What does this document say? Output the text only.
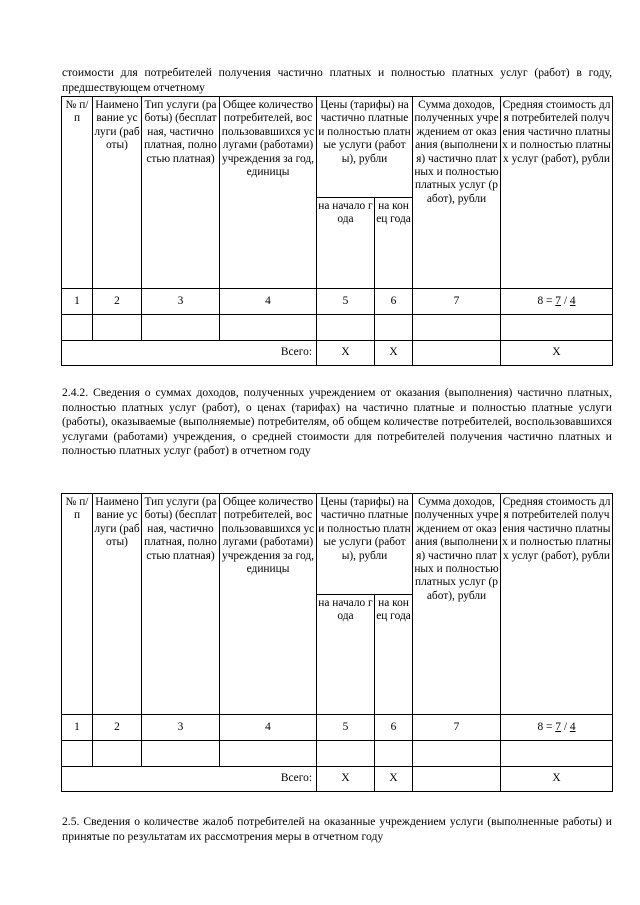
стоимости для потребителей получения частично платных и полностью платных услуг (работ) в году, предшествующем отчетному
№ п/п	Наименование услуги (работы)	Тип услуги (работы) (бесплатная, частично платная, полностью платная)	Общее количество потребителей, воспользовавшихся услугами (работами) учреждения за год, единицы	Цены (тарифы) на частично платные и полностью платные услуги (работы), рубли		Сумма доходов, полученных учреждением от оказания (выполнения) частично платных и полностью платных услуг (работ), рубли	Средняя стоимость для потребителей получения частично платных и полностью платных услуг (работ), рубли
				на начало года	на конец года		
1	2	3	4	5	6	7	8 = 7 / 4

Всего:				X	X		X
2.4.2. Сведения о суммах доходов, полученных учреждением от оказания (выполнения) частично платных, полностью платных услуг (работ), о ценах (тарифах) на частично платные и полностью платные услуги (работы), оказываемые (выполняемые) потребителям, об общем количестве потребителей, воспользовавшихся услугами (работами) учреждения, о средней стоимости для потребителей получения частично платных и полностью платных услуг (работ) в отчетном году
№ п/п	Наименование услуги (работы)	Тип услуги (работы) (бесплатная, частично платная, полностью платная)	Общее количество потребителей, воспользовавшихся услугами (работами) учреждения за год, единицы	Цены (тарифы) на частично платные и полностью платные услуги (работы), рубли		Сумма доходов, полученных учреждением от оказания (выполнения) частично платных и полностью платных услуг (работ), рубли	Средняя стоимость для потребителей получения частично платных и полностью платных услуг (работ), рубли
				на начало года	на конец года		
1	2	3	4	5	6	7	8 = 7 / 4

Всего:				X	X		X
2.5. Сведения о количестве жалоб потребителей на оказанные учреждением услуги (выполненные работы) и принятые по результатам их рассмотрения меры в отчетном году
